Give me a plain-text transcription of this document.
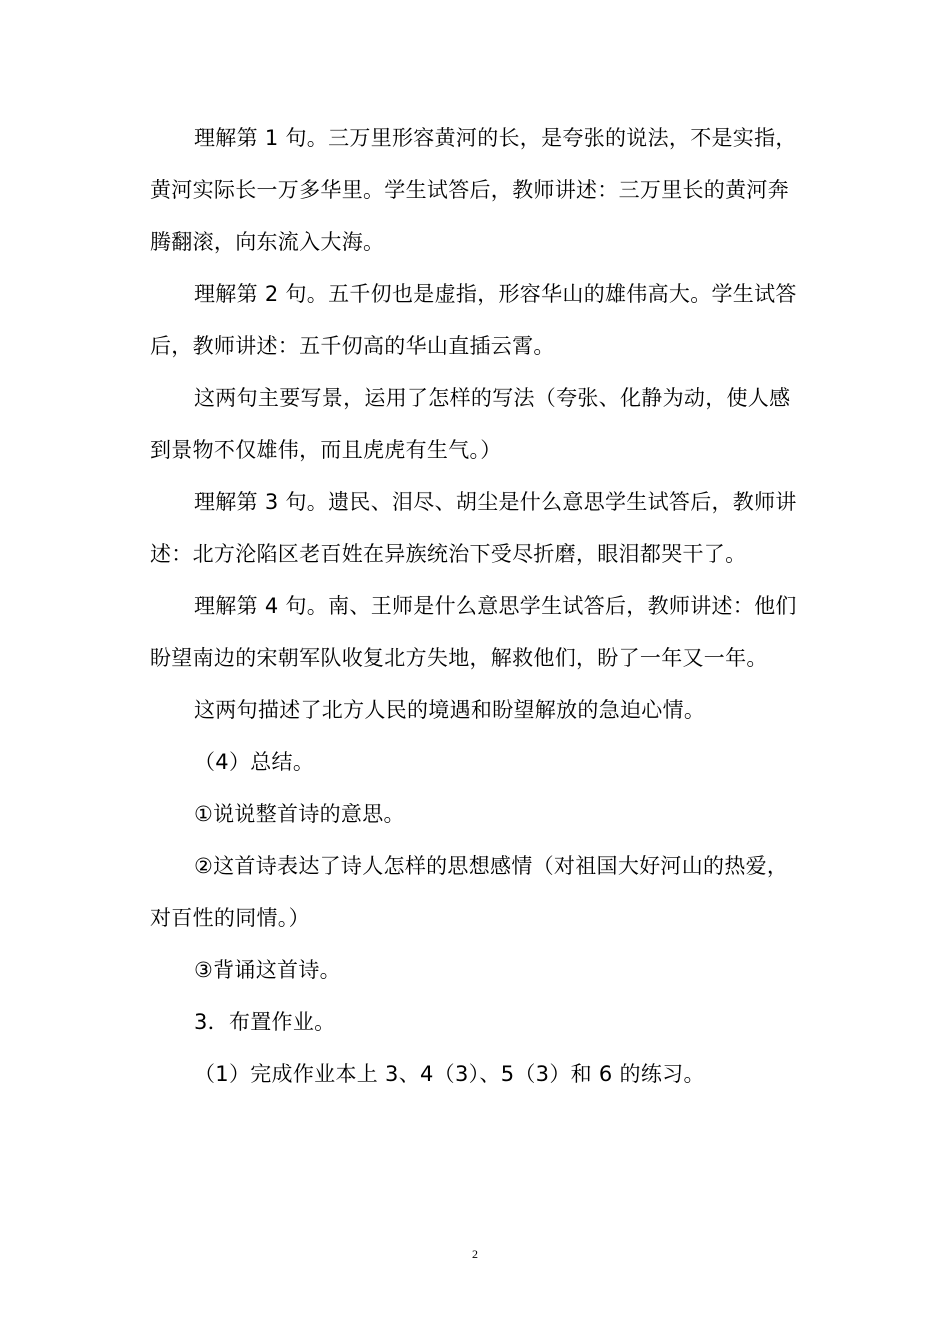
理解第 1 句。三万里形容黄河的长，是夸张的说法，不是实指，黄河实际长一万多华里。学生试答后，教师讲述：三万里长的黄河奔腾翻滚，向东流入大海。

理解第 2 句。五千仞也是虚指，形容华山的雄伟高大。学生试答后，教师讲述：五千仞高的华山直插云霄。

这两句主要写景，运用了怎样的写法（夸张、化静为动，使人感到景物不仅雄伟，而且虎虎有生气。）

理解第 3 句。遗民、泪尽、胡尘是什么意思学生试答后，教师讲述：北方沦陷区老百姓在异族统治下受尽折磨，眼泪都哭干了。

理解第 4 句。南、王师是什么意思学生试答后，教师讲述：他们盼望南边的宋朝军队收复北方失地，解救他们，盼了一年又一年。

这两句描述了北方人民的境遇和盼望解放的急迫心情。

（4）总结。

①说说整首诗的意思。

②这首诗表达了诗人怎样的思想感情（对祖国大好河山的热爱，对百性的同情。）

③背诵这首诗。

3．布置作业。

（1）完成作业本上 3、4（3）、5（3）和 6 的练习。

2
